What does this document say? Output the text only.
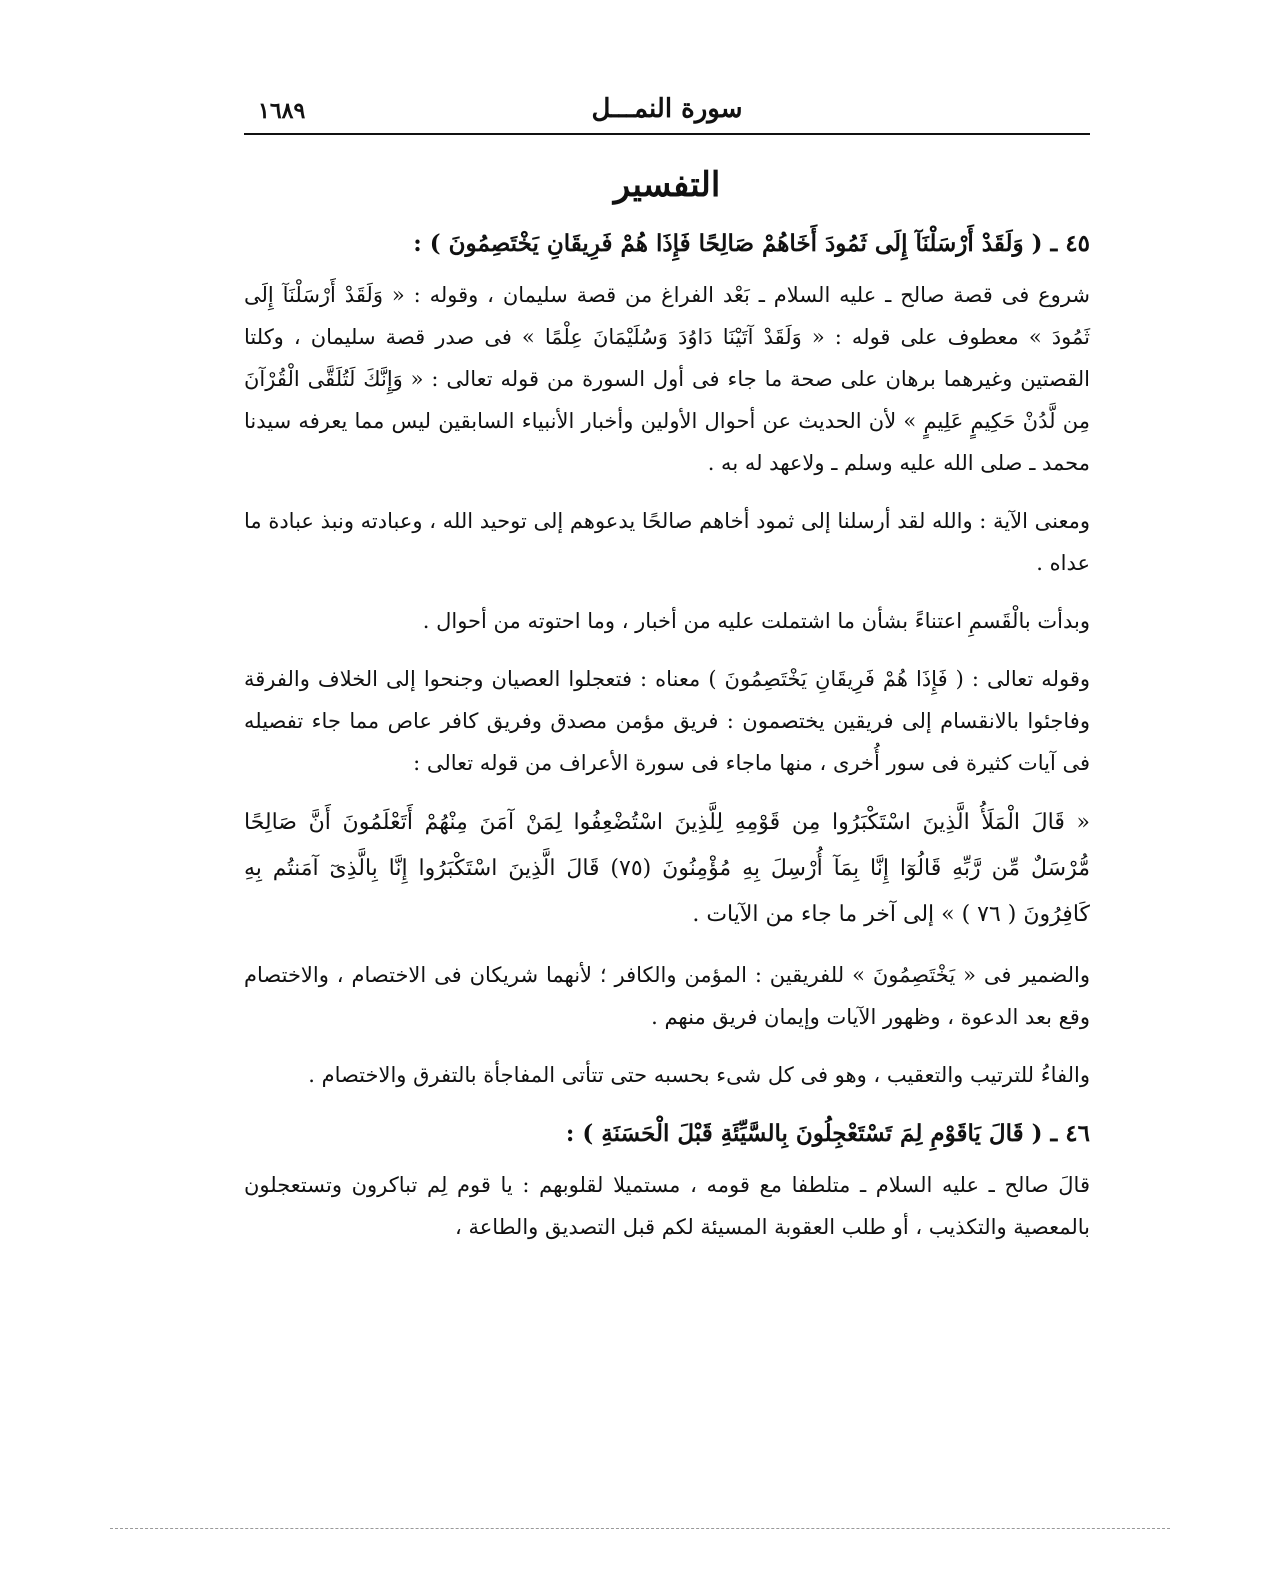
سورة النمـــل
١٦٨٩
التفسير

٤٥ ـ ( وَلَقَدْ أَرْسَلْنَآ إِلَى ثَمُودَ أَخَاهُمْ صَالِحًا فَإِذَا هُمْ فَرِيقَانِ يَخْتَصِمُونَ ) :

شروع فى قصة صالح ـ عليه السلام ـ بَعْد الفراغ من قصة سليمان ، وقوله : « وَلَقَدْ أَرْسَلْنَآ إِلَى ثَمُودَ » معطوف على قوله : « وَلَقَدْ آتَيْنَا دَاوُدَ وَسُلَيْمَانَ عِلْمًا » فى صدر قصة سليمان ، وكلتا القصتين وغيرهما برهان على صحة ما جاء فى أول السورة من قوله تعالى : « وَإِنَّكَ لَتُلَقَّى الْقُرْآنَ مِن لَّدُنْ حَكِيمٍ عَلِيمٍ » لأن الحديث عن أحوال الأولين وأخبار الأنبياء السابقين ليس مما يعرفه سيدنا محمد ـ صلى الله عليه وسلم ـ ولاعهد له به .

ومعنى الآية : والله لقد أرسلنا إلى ثمود أخاهم صالحًا يدعوهم إلى توحيد الله ، وعبادته ونبذ عبادة ما عداه .

وبدأت بالْقَسمِ اعتناءً بشأن ما اشتملت عليه من أخبار ، وما احتوته من أحوال .

وقوله تعالى : ( فَإِذَا هُمْ فَرِيقَانِ يَخْتَصِمُونَ ) معناه : فتعجلوا العصيان وجنحوا إلى الخلاف والفرقة وفاجئوا بالانقسام إلى فريقين يختصمون : فريق مؤمن مصدق وفريق كافر عاص مما جاء تفصيله فى آيات كثيرة فى سور أُخرى ، منها ماجاء فى سورة الأعراف من قوله تعالى :

« قَالَ الْمَلَأُ الَّذِينَ اسْتَكْبَرُوا مِن قَوْمِهِ لِلَّذِينَ اسْتُضْعِفُوا لِمَنْ آمَنَ مِنْهُمْ أَتَعْلَمُونَ أَنَّ صَالِحًا مُّرْسَلٌ مِّن رَّبِّهِ قَالُوٓا إِنَّا بِمَآ أُرْسِلَ بِهِ مُؤْمِنُونَ (٧٥) قَالَ الَّذِينَ اسْتَكْبَرُوا إِنَّا بِالَّذِىٓ آمَنتُم بِهِ كَافِرُونَ ( ٧٦ ) » إلى آخر ما جاء من الآيات .

والضمير فى « يَخْتَصِمُونَ » للفريقين : المؤمن والكافر ؛ لأنهما شريكان فى الاختصام ، والاختصام وقع بعد الدعوة ، وظهور الآيات وإيمان فريق منهم .

والفاءُ للترتيب والتعقيب ، وهو فى كل شىء بحسبه حتى تتأتى المفاجأة بالتفرق والاختصام .

٤٦ ـ ( قَالَ يَاقَوْمِ لِمَ تَسْتَعْجِلُونَ بِالسَّيِّئَةِ قَبْلَ الْحَسَنَةِ ) :

قالَ صالح ـ عليه السلام ـ متلطفا مع قومه ، مستميلا لقلوبهم : يا قوم لِم تباكرون وتستعجلون بالمعصية والتكذيب ، أو طلب العقوبة المسيئة لكم قبل التصديق والطاعة ،
